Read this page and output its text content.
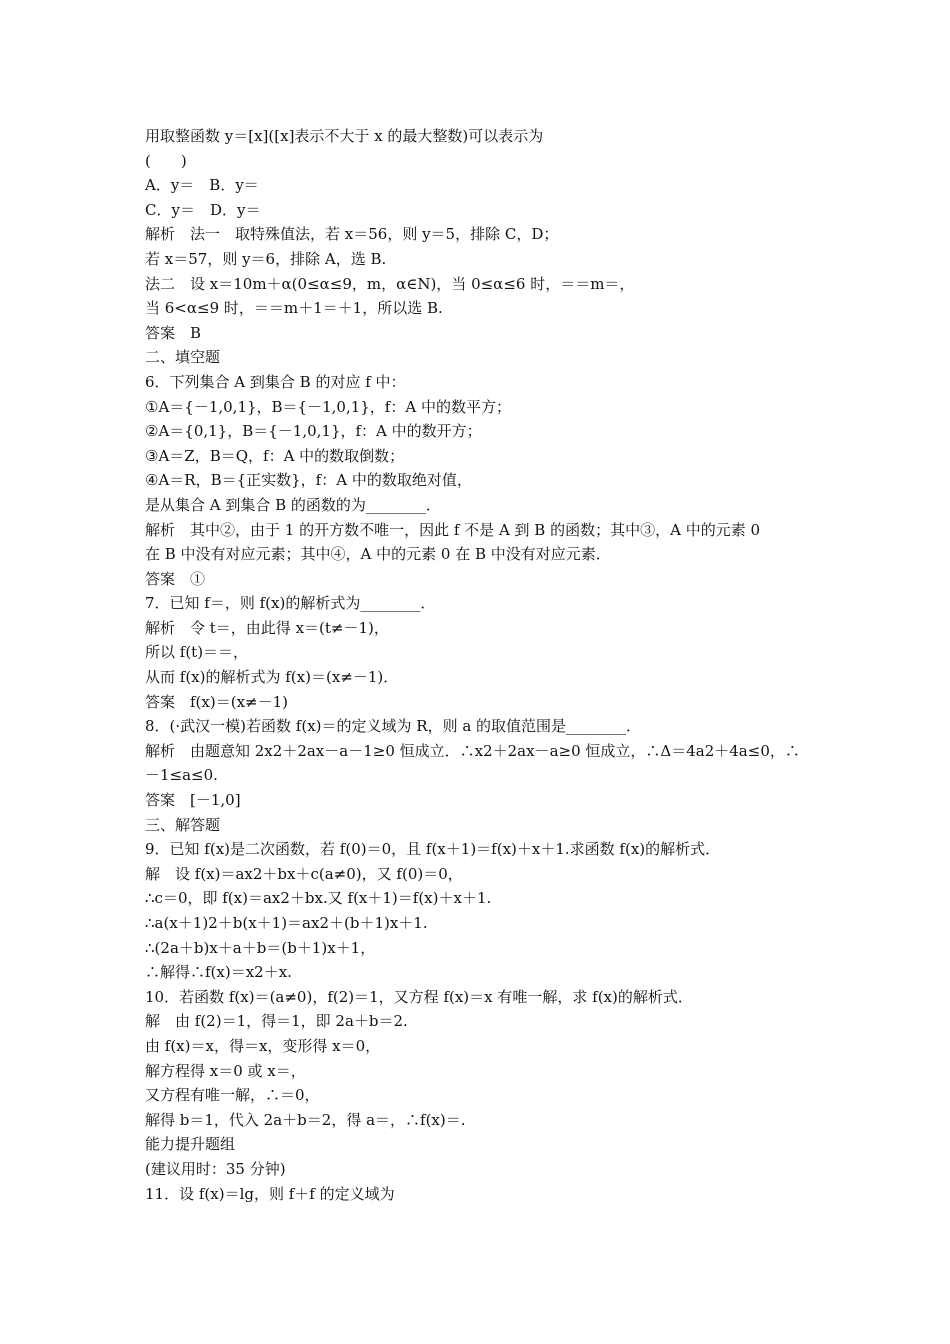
用取整函数 y＝[x]([x]表示不大于 x 的最大整数)可以表示为
(　　)
A．y＝　B．y＝
C．y＝　D．y＝
解析　法一　取特殊值法，若 x＝56，则 y＝5，排除 C，D；
若 x＝57，则 y＝6，排除 A，选 B.
法二　设 x＝10m＋α(0≤α≤9，m，α∈N)，当 0≤α≤6 时，＝＝m＝，
当 6<α≤9 时，＝＝m＋1＝＋1，所以选 B.
答案　B
二、填空题
6．下列集合 A 到集合 B 的对应 f 中：
①A＝{－1,0,1}，B＝{－1,0,1}，f：A 中的数平方；
②A＝{0,1}，B＝{－1,0,1}，f：A 中的数开方；
③A＝Z，B＝Q，f：A 中的数取倒数；
④A＝R，B＝{正实数}，f：A 中的数取绝对值，
是从集合 A 到集合 B 的函数的为________．
解析　其中②，由于 1 的开方数不唯一，因此 f 不是 A 到 B 的函数；其中③，A 中的元素 0
在 B 中没有对应元素；其中④，A 中的元素 0 在 B 中没有对应元素．
答案　①
7．已知 f＝，则 f(x)的解析式为________．
解析　令 t＝，由此得 x＝(t≠－1)，
所以 f(t)＝＝，
从而 f(x)的解析式为 f(x)＝(x≠－1)．
答案　f(x)＝(x≠－1)
8．(·武汉一模)若函数 f(x)＝的定义域为 R，则 a 的取值范围是________．
解析　由题意知 2x2＋2ax－a－1≥0 恒成立．∴x2＋2ax－a≥0 恒成立，∴Δ＝4a2＋4a≤0，∴
－1≤a≤0.
答案　[－1,0]
三、解答题
9．已知 f(x)是二次函数，若 f(0)＝0，且 f(x＋1)＝f(x)＋x＋1.求函数 f(x)的解析式．
解　设 f(x)＝ax2＋bx＋c(a≠0)，又 f(0)＝0，
∴c＝0，即 f(x)＝ax2＋bx.又 f(x＋1)＝f(x)＋x＋1.
∴a(x＋1)2＋b(x＋1)＝ax2＋(b＋1)x＋1.
∴(2a＋b)x＋a＋b＝(b＋1)x＋1，
∴解得∴f(x)＝x2＋x.
10．若函数 f(x)＝(a≠0)，f(2)＝1，又方程 f(x)＝x 有唯一解，求 f(x)的解析式．
解　由 f(2)＝1，得＝1，即 2a＋b＝2.
由 f(x)＝x，得＝x，变形得 x＝0，
解方程得 x＝0 或 x＝，
又方程有唯一解，∴＝0，
解得 b＝1，代入 2a＋b＝2，得 a＝，∴f(x)＝.
能力提升题组
(建议用时：35 分钟)
11．设 f(x)＝lg，则 f＋f 的定义域为
